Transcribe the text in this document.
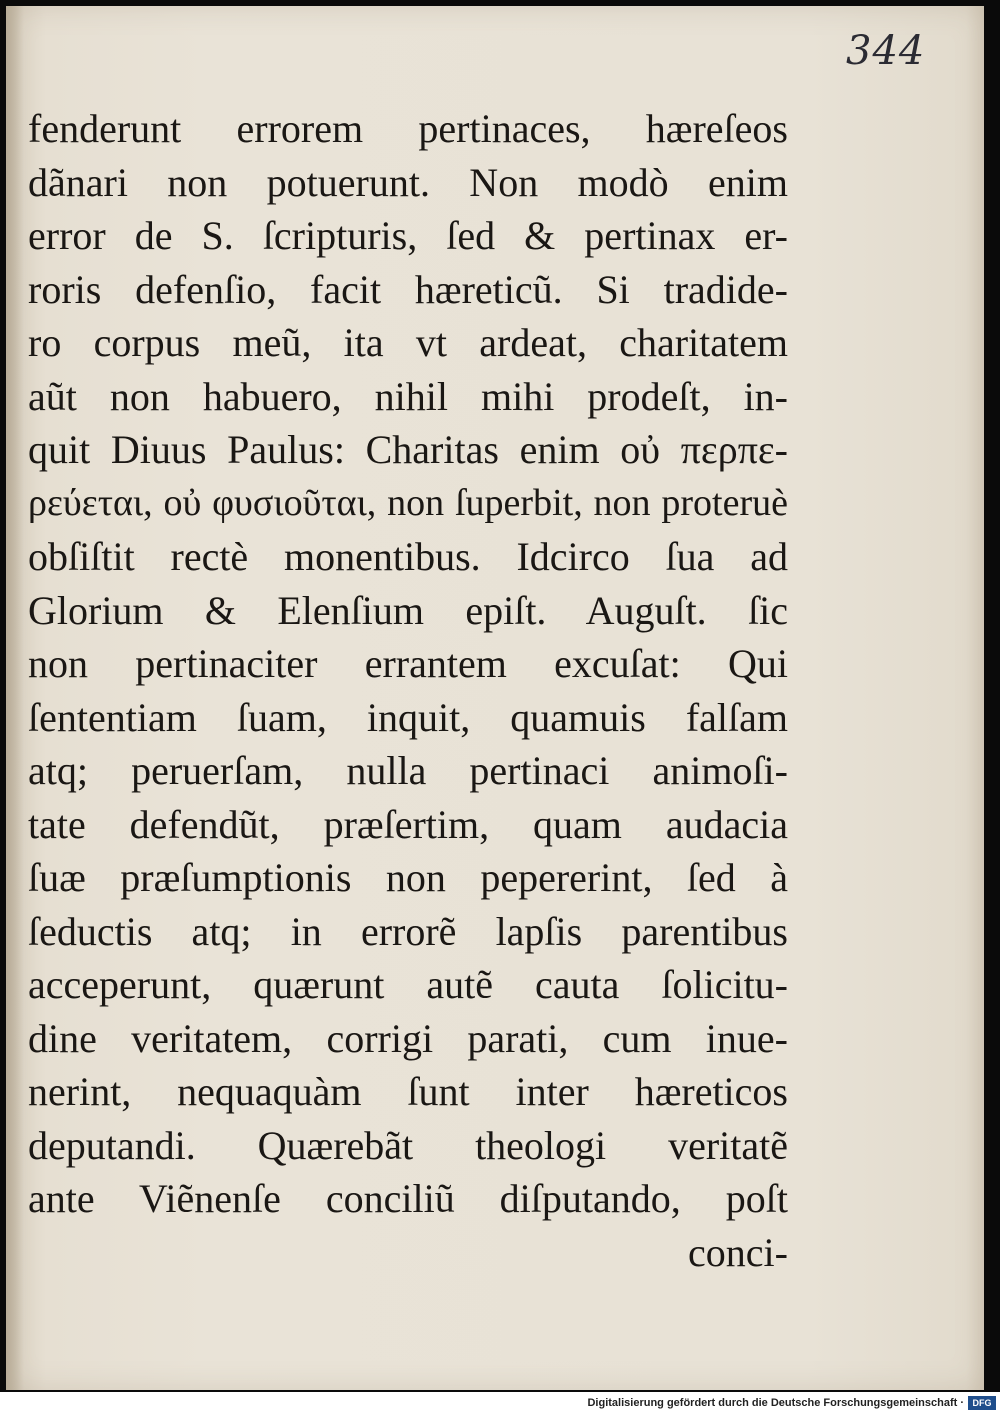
344
fenderunt errorem pertinaces, hæreſeos
dãnari non potuerunt. Non modò enim
error de S. ſcripturis, ſed & pertinax er-
roris defenſio, facit hæreticũ. Si tradide-
ro corpus meũ, ita vt ardeat, charitatem
aũt non habuero, nihil mihi prodeſt, in-
quit Diuus Paulus: Charitas enim οὐ περπε-
ρεύεται, οὐ φυσιοῦται, non ſuperbit, non proteruè
obſiſtit rectè monentibus. Idcirco ſua ad
Glorium & Elenſium epiſt. Auguſt. ſic
non pertinaciter errantem excuſat: Qui
ſententiam ſuam, inquit, quamuis falſam
atq; peruerſam, nulla pertinaci animoſi-
tate defendũt, præſertim, quam audacia
ſuæ præſumptionis non pepererint, ſed à
ſeductis atq; in errorẽ lapſis parentibus
acceperunt, quærunt autẽ cauta ſolicitu-
dine veritatem, corrigi parati, cum inue-
nerint, nequaquàm ſunt inter hæreticos
deputandi. Quærebãt theologi veritatẽ
ante Viẽnenſe conciliũ diſputando, poſt
conci-
Digitalisierung gefördert durch die Deutsche Forschungsgemeinschaft · DFG
